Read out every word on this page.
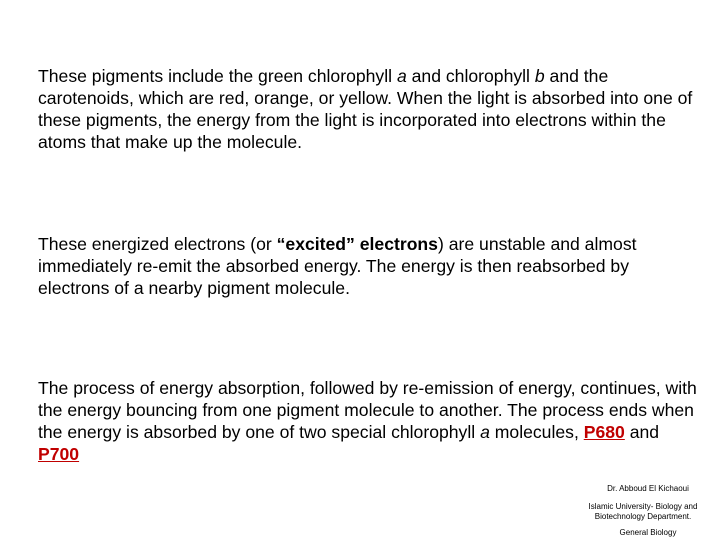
These pigments include the green chlorophyll a and chlorophyll b and the carotenoids, which are red, orange, or yellow. When the light is absorbed into one of these pigments, the energy from the light is incorporated into electrons within the atoms that make up the molecule.

These energized electrons (or “excited” electrons) are unstable and almost immediately re-emit the absorbed energy. The energy is then reabsorbed by electrons of a nearby pigment molecule.

The process of energy absorption, followed by re-emission of energy, continues, with the energy bouncing from one pigment molecule to another. The process ends when the energy is absorbed by one of two special chlorophyll a molecules, P680 and P700

Dr. Abboud El Kichaoui
Islamic University- Biology and Biotechnology Department.
General Biology
